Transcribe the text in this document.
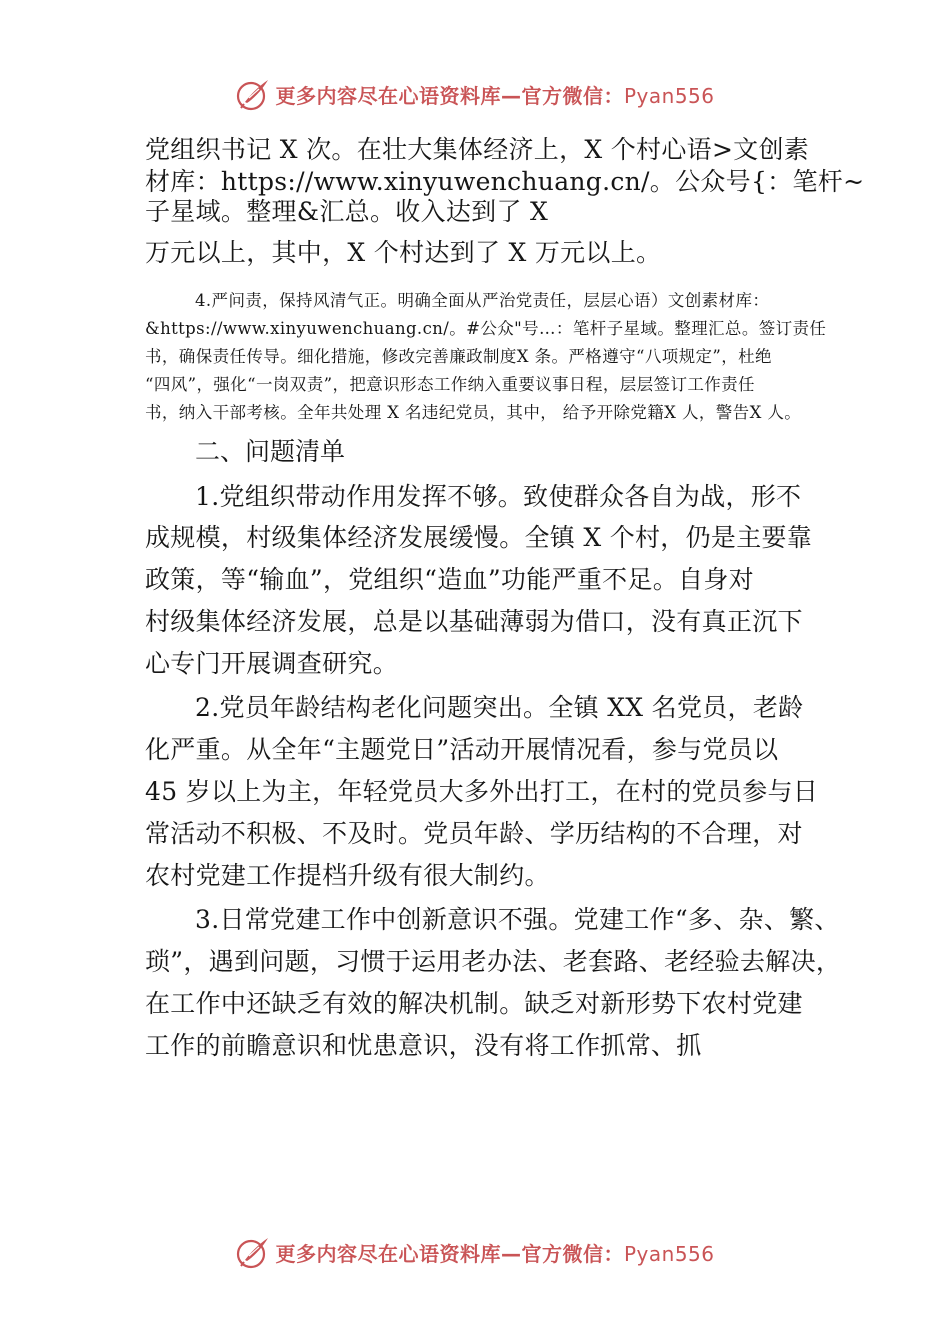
更多内容尽在心语资料库—官方微信：Pyan556
党组织书记 X 次。在壮大集体经济上，X 个村心语>文创素
材库：https://www.xinyuwenchuang.cn/。公众号{：笔杆~
子星域。整理&汇总。收入达到了 X
万元以上，其中，X 个村达到了 X 万元以上。
4.严问责，保持风清气正。明确全面从严治党责任，层层心语）文创素材库：
&https://www.xinyuwenchuang.cn/。#公众"号…：笔杆子星域。整理汇总。签订责任
书，确保责任传导。细化措施，修改完善廉政制度X 条。严格遵守“八项规定”，杜绝
“四风”，强化“一岗双责”，把意识形态工作纳入重要议事日程，层层签订工作责任
书，纳入干部考核。全年共处理 X 名违纪党员，其中， 给予开除党籍X 人，警告X 人。
二、问题清单
1.党组织带动作用发挥不够。致使群众各自为战，形不
成规模，村级集体经济发展缓慢。全镇 X 个村，仍是主要靠
政策，等“输血”，党组织“造血”功能严重不足。自身对
村级集体经济发展，总是以基础薄弱为借口，没有真正沉下
心专门开展调查研究。
2.党员年龄结构老化问题突出。全镇 XX 名党员，老龄
化严重。从全年“主题党日”活动开展情况看，参与党员以
45 岁以上为主，年轻党员大多外出打工，在村的党员参与日
常活动不积极、不及时。党员年龄、学历结构的不合理，对
农村党建工作提档升级有很大制约。
3.日常党建工作中创新意识不强。党建工作“多、杂、繁、
琐”，遇到问题，习惯于运用老办法、老套路、老经验去解决，
在工作中还缺乏有效的解决机制。缺乏对新形势下农村党建
工作的前瞻意识和忧患意识，没有将工作抓常、抓
更多内容尽在心语资料库—官方微信：Pyan556
